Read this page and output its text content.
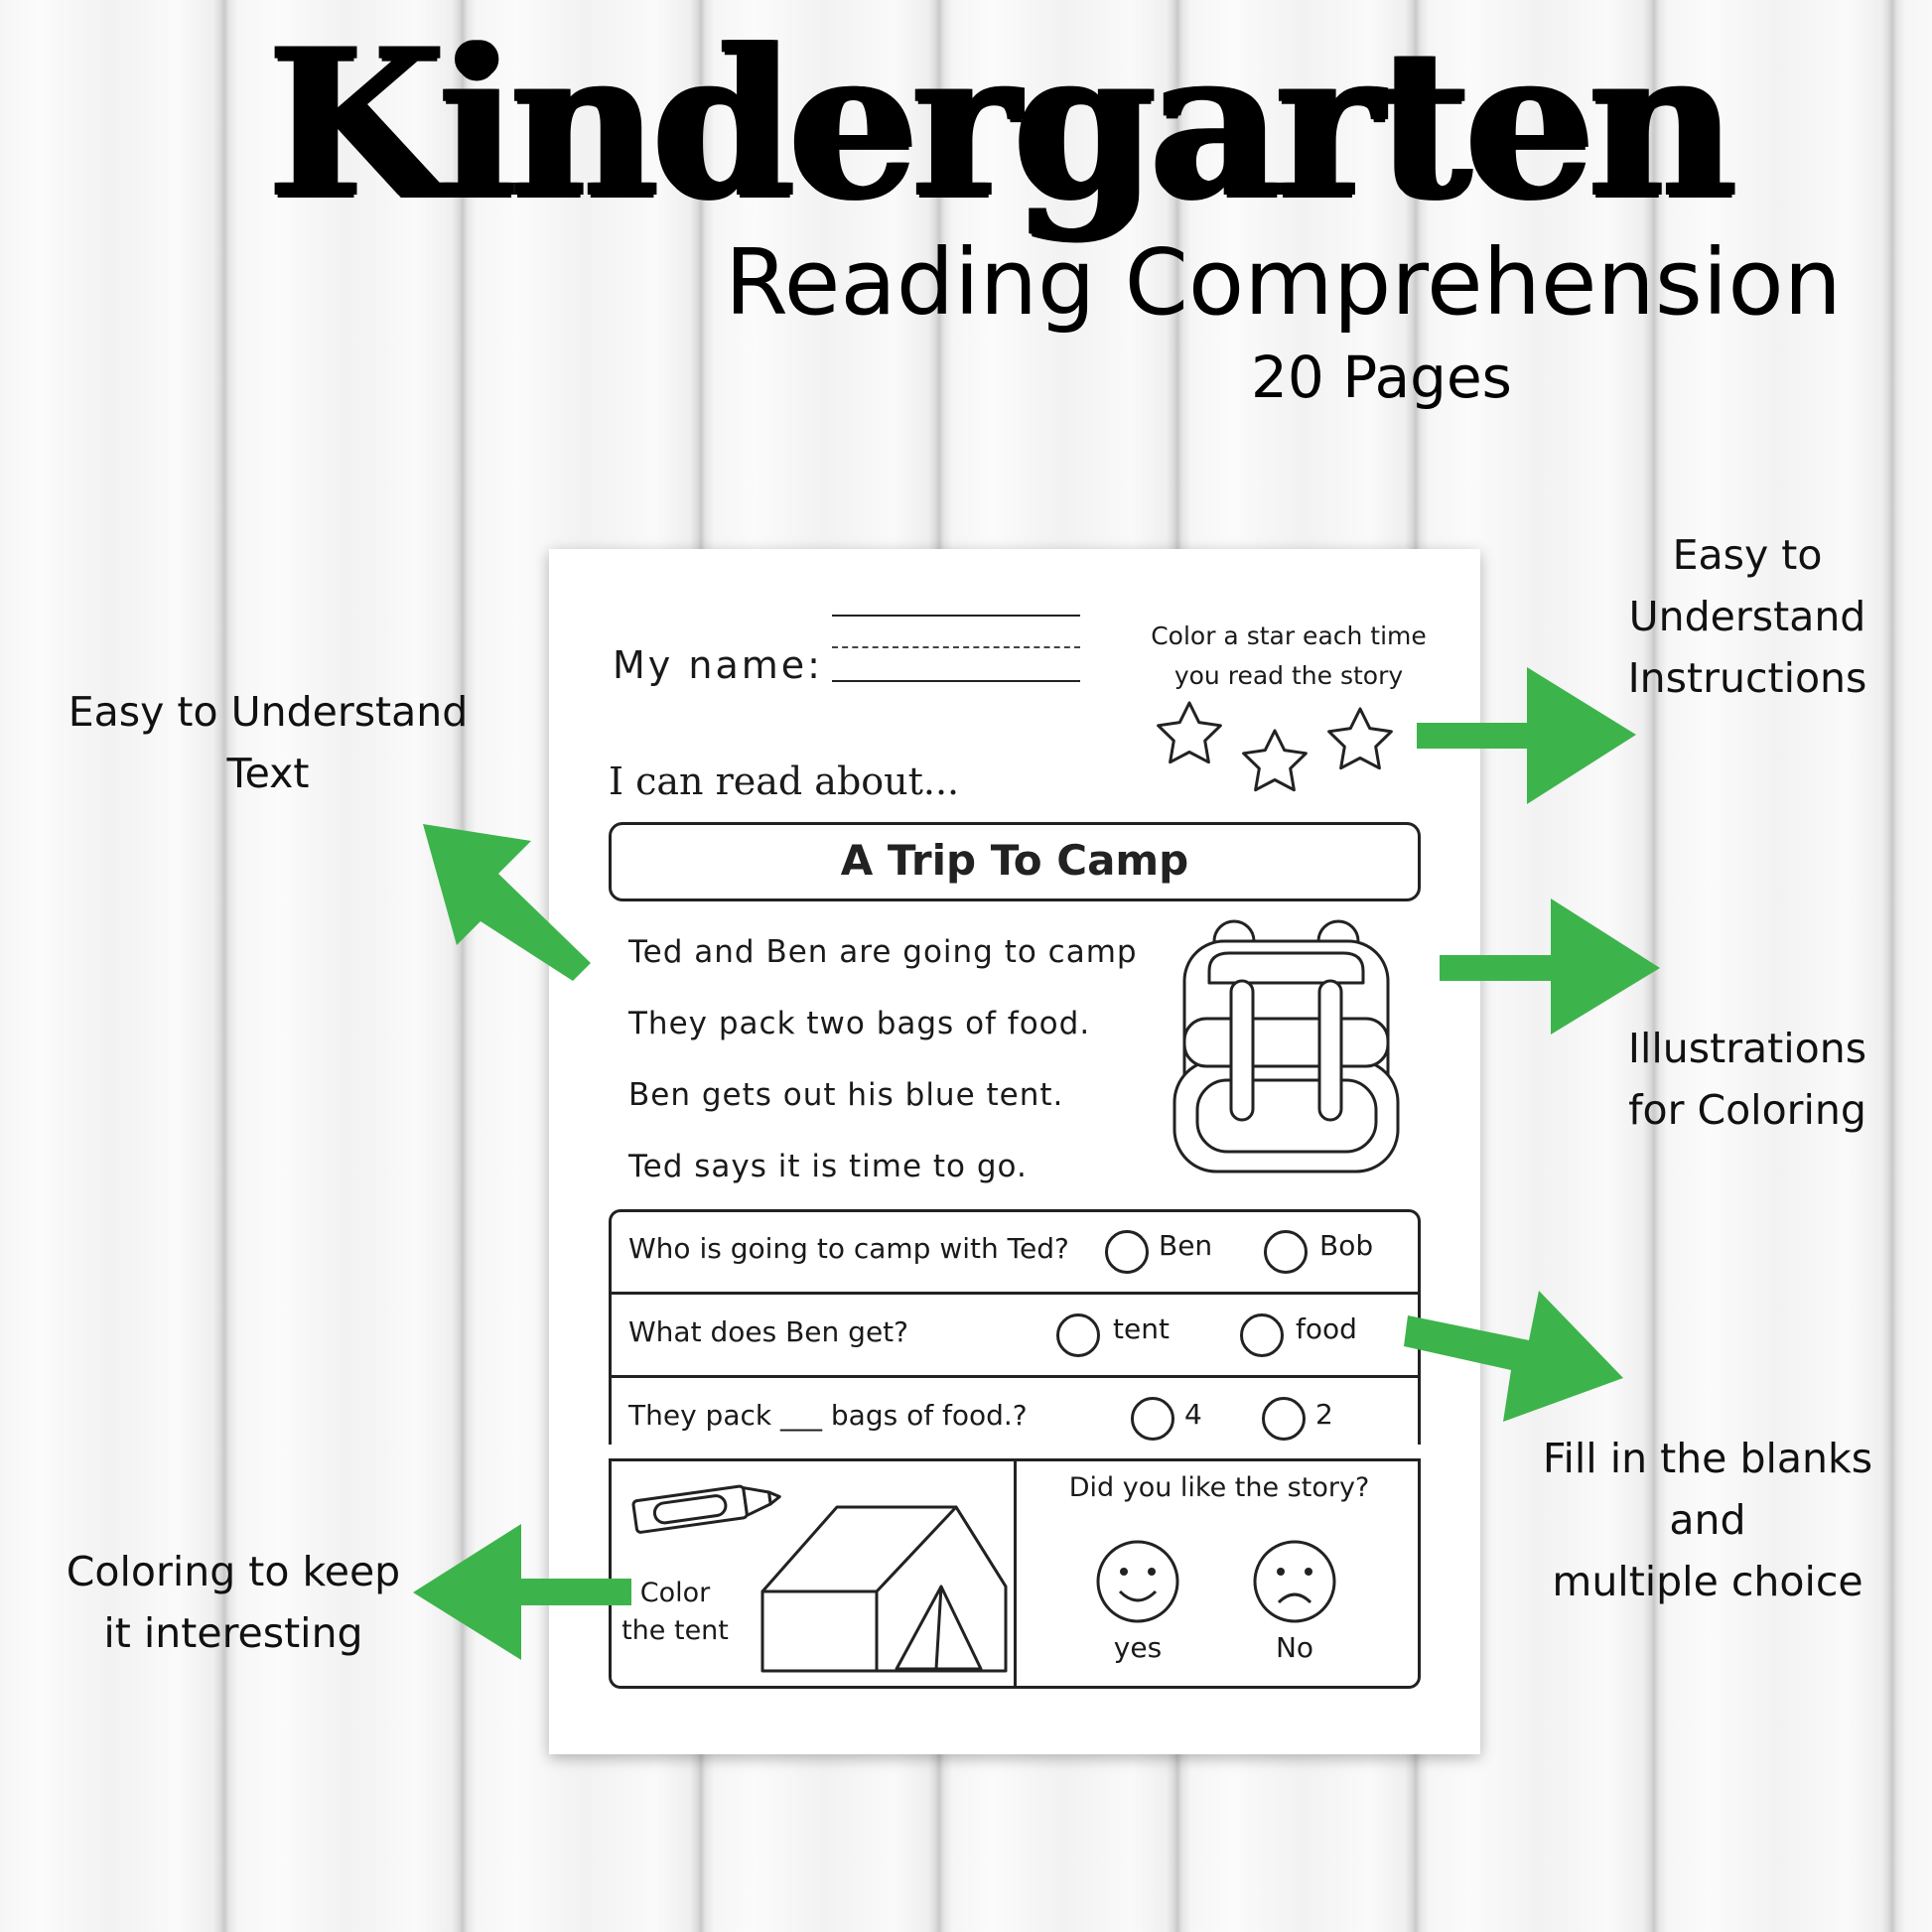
Kindergarten
Reading Comprehension
20 Pages
Easy to
Understand
Instructions
Easy to Understand
Text
Illustrations
for Coloring
Fill in the blanks
and
multiple choice
Coloring to keep
it interesting
My name:
Color a star each time
you read the story
I can read about...
A Trip To Camp
Ted and Ben are going to camp
They pack two bags of food.
Ben gets out his blue tent.
Ted says it is time to go.
Who is going to camp with Ted?	Ben	Bob
What does Ben get?	tent	food
They pack ___ bags of food.?	4	2
Color
the tent
Did you like the story?
yes	No
